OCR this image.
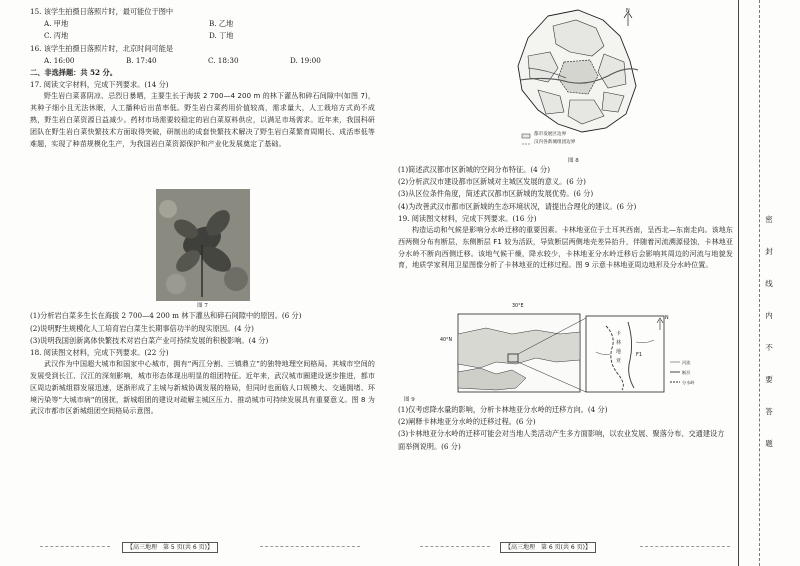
15. 该学生拍摄日落照片时，最可能位于图中
A. 甲地	B. 乙地
C. 丙地	D. 丁地
16. 该学生拍摄日落照片时，北京时间可能是
A. 16:00	B. 17:40	C. 18:30	D. 19:00
二、非选择题：共 52 分。
17. 阅读文字材料，完成下列要求。(14 分)
野生岩白菜喜阴凉、忌烈日暴晒，主要生长于海拔 2 700—4 200 m 的林下灌丛和碎石间隙中(如图 7)，其种子细小且无法休眠，人工播种后出苗率低。野生岩白菜药用价值较高，需求量大，人工栽培方式尚不成熟，野生岩白菜资源日益减少。药材市场需要较稳定的岩白菜原料供应，以满足市场需求。近年来，我国科研团队在野生岩白菜快繁技术方面取得突破，研制出的成套快繁技术解决了野生岩白菜繁育周期长、成活率低等难题，实现了种苗规模化生产，为我国岩白菜资源保护和产业化发展奠定了基础。
图 7
(1)分析岩白菜多生长在海拔 2 700—4 200 m 林下灌丛和碎石间隙中的原因。(6 分)
(2)说明野生规模化人工培育岩白菜生长期事倍功半的现实原因。(4 分)
(3)说明我国创新离体快繁技术对岩白菜产业可持续发展的积极影响。(4 分)
18. 阅读图文材料，完成下列要求。(22 分)
武汉作为中国超大城市和国家中心城市，拥有“两江分割、三镇鼎立”的独特地理空间格局。其城市空间的发展受到长江、汉江的深刻影响，城市形态体现出明显的组团特征。近年来，武汉城市圈建设逐步推进，都市区周边新城组群发展迅速，逐渐形成了主城与新城协调发展的格局，但同时也面临人口规模大、交通拥堵、环境污染等“大城市病”的困扰，新城组团的建设对疏解主城区压力、推动城市可持续发展具有重要意义。图 8 为武汉市都市区新城组团空间格局示意图。
N
都市发展区边界
汉内各新城组团边界
图 8
(1)简述武汉都市区新城的空间分布特征。(4 分)
(2)分析武汉市建设都市区新城对主城区发展的意义。(6 分)
(3)从区位条件角度，简述武汉都市区新城的发展优势。(6 分)
(4)为改善武汉市都市区新城的生态环境状况，请提出合理化的建议。(6 分)
19. 阅读图文材料，完成下列要求。(16 分)
构造运动和气候是影响分水岭迁移的重要因素。卡林地亚位于土耳其西南，呈西北—东南走向。该地东西两侧分布有断层，东侧断层 F1 较为活跃，导致断层两侧地壳差异抬升，伴随着河流溯源侵蚀，卡林地亚分水岭不断向西侧迁移。该地气候干燥，降水较少，卡林地亚分水岭迁移后会影响其周边的河流与地貌发育，地质学家利用卫星图像分析了卡林地亚的迁移过程。图 9 示意卡林地亚周边地形及分水岭位置。
30°E
40°N
卡林地亚
F1
N
河流
断层
分水岭
图 9
(1)仅考虑降水量的影响，分析卡林地亚分水岭的迁移方向。(4 分)
(2)阐释卡林地亚分水岭的迁移过程。(6 分)
(3)卡林地亚分水岭的迁移可能会对当地人类活动产生多方面影响，以农业发展、聚落分布、交通建设方面举例说明。(6 分)
【高三地理　第 5 页(共 6 页)】	【高三地理　第 6 页(共 6 页)】
密
封
线
内
不
要
答
题
